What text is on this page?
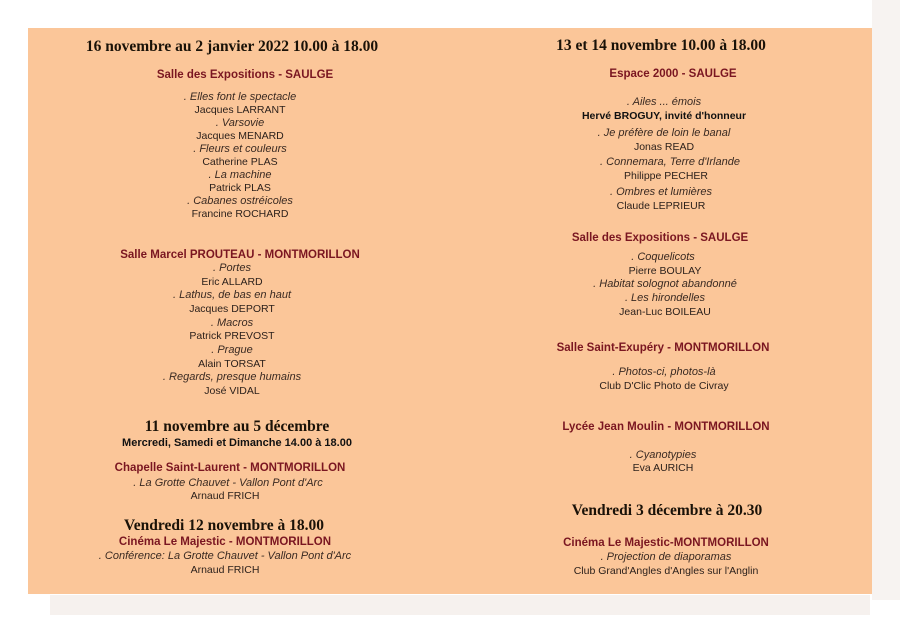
16 novembre au 2 janvier 2022 10.00 à 18.00
Salle des Expositions - SAULGE
. Elles font le spectacle
Jacques LARRANT
. Varsovie
Jacques MENARD
. Fleurs et couleurs
Catherine PLAS
. La machine
Patrick PLAS
. Cabanes ostréicoles
Francine ROCHARD
Salle Marcel PROUTEAU - MONTMORILLON
. Portes
Eric ALLARD
. Lathus, de bas en haut
Jacques DEPORT
. Macros
Patrick PREVOST
. Prague
Alain TORSAT
. Regards, presque humains
José VIDAL
11 novembre au 5 décembre
Mercredi, Samedi et Dimanche 14.00 à 18.00
Chapelle Saint-Laurent - MONTMORILLON
. La Grotte Chauvet - Vallon Pont d'Arc
Arnaud FRICH
Vendredi 12 novembre à 18.00
Cinéma Le Majestic - MONTMORILLON
. Conférence: La Grotte Chauvet - Vallon Pont d'Arc
Arnaud FRICH
13 et 14 novembre 10.00 à 18.00
Espace 2000 - SAULGE
. Ailes ... émois
Hervé BROGUY, invité d'honneur
. Je préfère de loin le banal
Jonas READ
. Connemara, Terre d'Irlande
Philippe PECHER
. Ombres et lumières
Claude LEPRIEUR
Salle des Expositions - SAULGE
. Coquelicots
Pierre BOULAY
. Habitat solognot abandonné
. Les hirondelles
Jean-Luc BOILEAU
Salle Saint-Exupéry - MONTMORILLON
. Photos-ci, photos-là
Club D'Clic Photo de Civray
Lycée Jean Moulin - MONTMORILLON
. Cyanotypies
Eva AURICH
Vendredi 3 décembre à 20.30
Cinéma Le Majestic-MONTMORILLON
. Projection de diaporamas
Club Grand'Angles d'Angles sur l'Anglin
